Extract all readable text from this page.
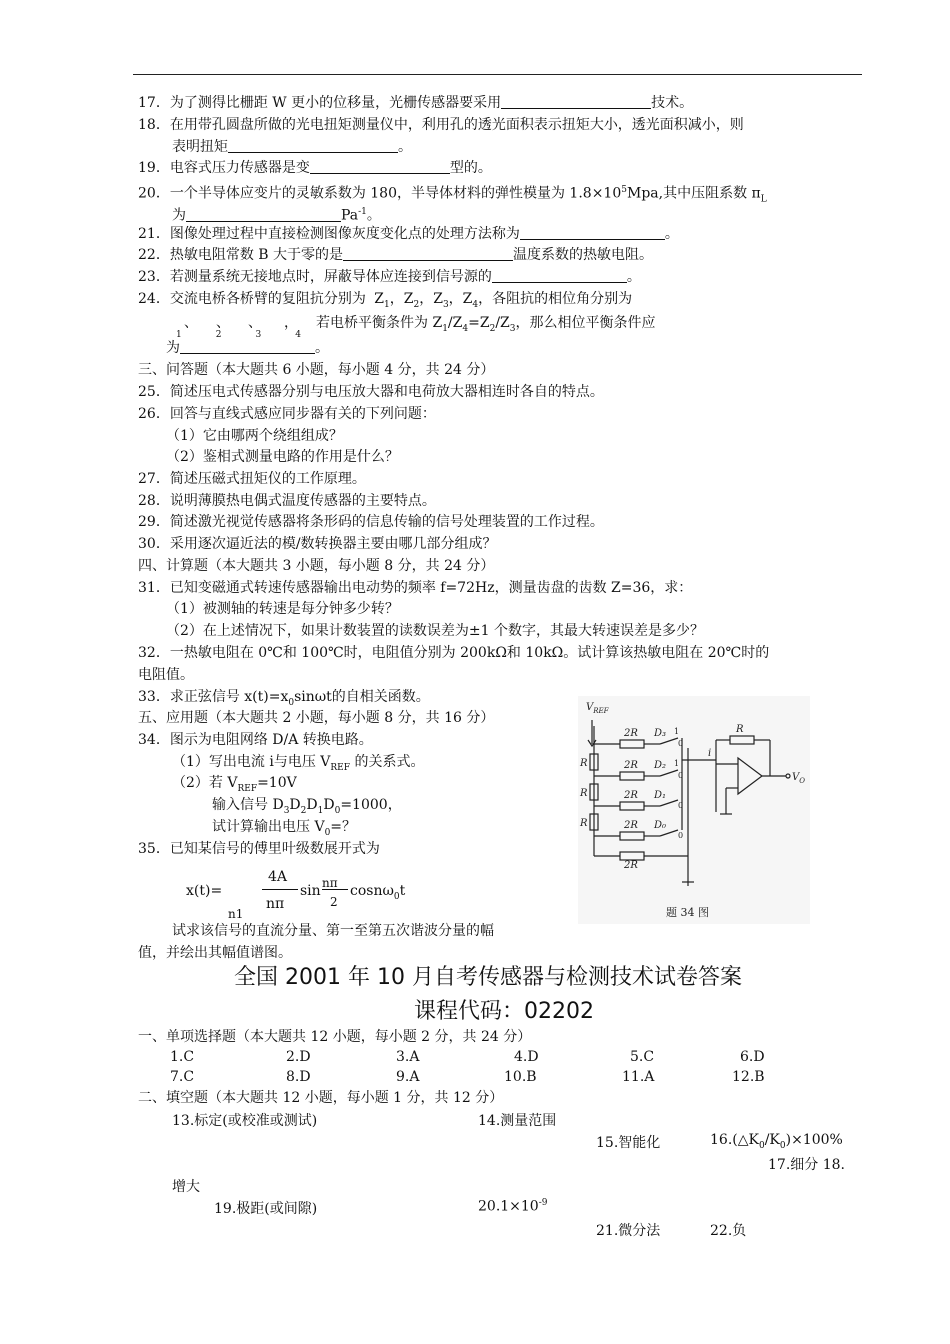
17．为了测得比栅距 W 更小的位移量，光栅传感器要采用	技术。
18．在用带孔圆盘所做的光电扭矩测量仪中，利用孔的透光面积表示扭矩大小，透光面积减小，则
表明扭矩	。
19．电容式压力传感器是变	型的。
20．一个半导体应变片的灵敏系数为 180，半导体材料的弹性模量为 $1.8\times 10^5Mpa$,其中压阻系数 $\pi_L$
为	$Pa^{-1}$。
21．图像处理过程中直接检测图像灰度变化点的处理方法称为	。
22．热敏电阻常数 B 大于零的是	温度系数的热敏电阻。
23．若测量系统无接地点时，屏蔽导体应连接到信号源的	。
24．交流电桥各桥臂的复阻抗分别为 $Z_1$，$Z_2$，$Z_3$，$Z_4$，各阻抗的相位角分别为
、 、 、 ， 若电桥平衡条件为 $Z_1/Z_4=Z_2/Z_3$，那么相位平衡条件应
1	2	3	4
为	。
三、问答题（本大题共 6 小题，每小题 4 分，共 24 分）
25．简述压电式传感器分别与电压放大器和电荷放大器相连时各自的特点。
26．回答与直线式感应同步器有关的下列问题：
（1）它由哪两个绕组组成？
（2）鉴相式测量电路的作用是什么？
27．简述压磁式扭矩仪的工作原理。
28．说明薄膜热电偶式温度传感器的主要特点。
29．简述激光视觉传感器将条形码的信息传输的信号处理装置的工作过程。
30．采用逐次逼近法的模/数转换器主要由哪几部分组成？
四、计算题（本大题共 3 小题，每小题 8 分，共 24 分）
31．已知变磁通式转速传感器输出电动势的频率 f=72Hz，测量齿盘的齿数 Z=36，求：
（1）被测轴的转速是每分钟多少转？
（2）在上述情况下，如果计数装置的读数误差为±1 个数字，其最大转速误差是多少？
32．一热敏电阻在 0℃和 100℃时，电阻值分别为 200kΩ和 10kΩ。试计算该热敏电阻在 20℃时的
电阻值。
33．求正弦信号 $x(t)=x_0\sin\omega t$的自相关函数。
五、应用题（本大题共 2 小题，每小题 8 分，共 16 分）
34．图示为电阻网络 D/A 转换电路。
（1）写出电流 i与电压 $V_{REF}$ 的关系式。
（2）若 $V_{REF}=10V$
输入信号 $D_3D_2D_1D_0=1000$，
试计算输出电压 $V_0=$？
35．已知某信号的傅里叶级数展开式为
x(t)=
4A
nπ
n1
sin nπ
2
cosnω$_0$t
试求该信号的直流分量、第一至第五次谐波分量的幅
值，并绘出其幅值谱图。
$V_{REF}$
2R
2R
2R
2R
2R
R
R
R
R
D₃
D₂
D₁
D₀
i
$V_O$
0
0
0
0
1
1
题 34 图
全国 2001 年 10 月自考传感器与检测技术试卷答案
课程代码：02202
一、单项选择题（本大题共 12 小题，每小题 2 分，共 24 分）
1.C	2.D	3.A	4.D	5.C	6.D
7.C	8.D	9.A	10.B	11.A	12.B
二、填空题（本大题共 12 小题，每小题 1 分，共 12 分）
13.标定(或校准或测试)	14.测量范围
15.智能化	$16.(\triangle K_0/K_0)\times 100\%$
17.细分 18.
增大
19.极距(或间隙)	$20.1\times 10^{-9}$
21.微分法	22.负
